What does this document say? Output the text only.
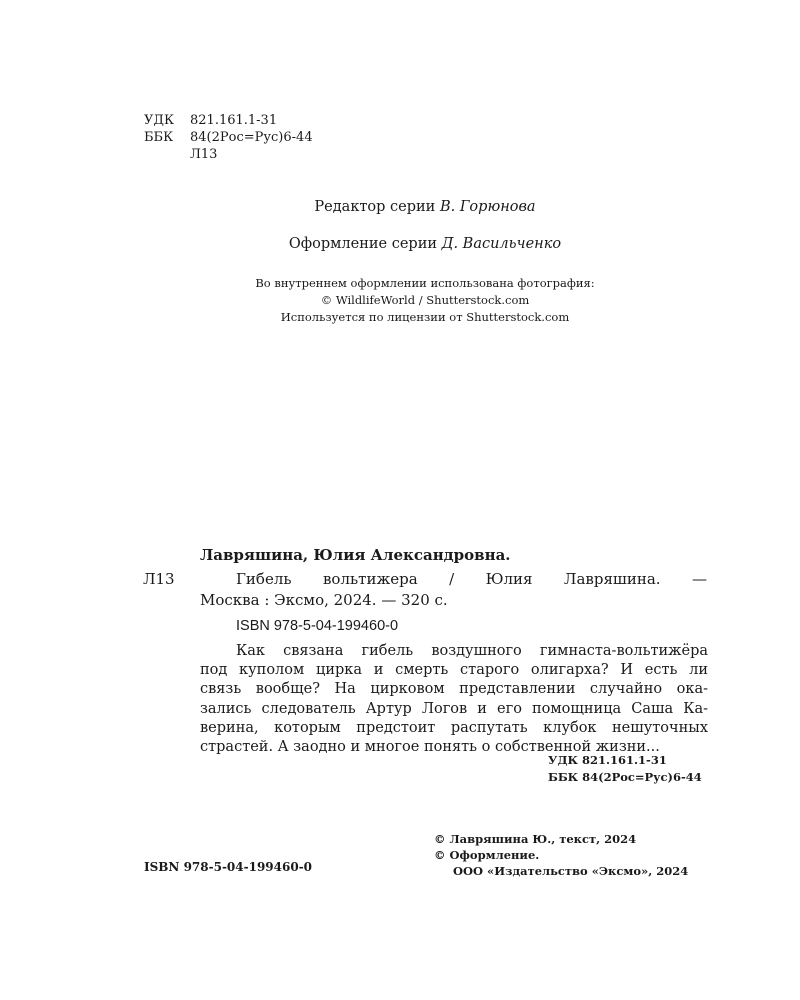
УДК	821.161.1-31
ББК	84(2Рос=Рус)6-44
Л13
Редактор серии В. Горюнова
Оформление серии Д. Васильченко
Во внутреннем оформлении использована фотография:
© WildlifeWorld / Shutterstock.com
Используется по лицензии от Shutterstock.com
Лавряшина, Юлия Александровна.
Л13	Гибель вольтижера / Юлия Лавряшина. —
Москва : Эксмо, 2024. — 320 с.
ISBN 978-5-04-199460-0
Как связана гибель воздушного гимнаста-вольтижёра
под куполом цирка и смерть старого олигарха? И есть ли
связь вообще? На цирковом представлении случайно ока-
зались следователь Артур Логов и его помощница Саша Ка-
верина, которым предстоит распутать клубок нешуточных
страстей. А заодно и многое понять о собственной жизни...
УДК 821.161.1-31
ББК 84(2Рос=Рус)6-44
© Лавряшина Ю., текст, 2024
© Оформление.
ООО «Издательство «Эксмо», 2024
ISBN 978-5-04-199460-0
